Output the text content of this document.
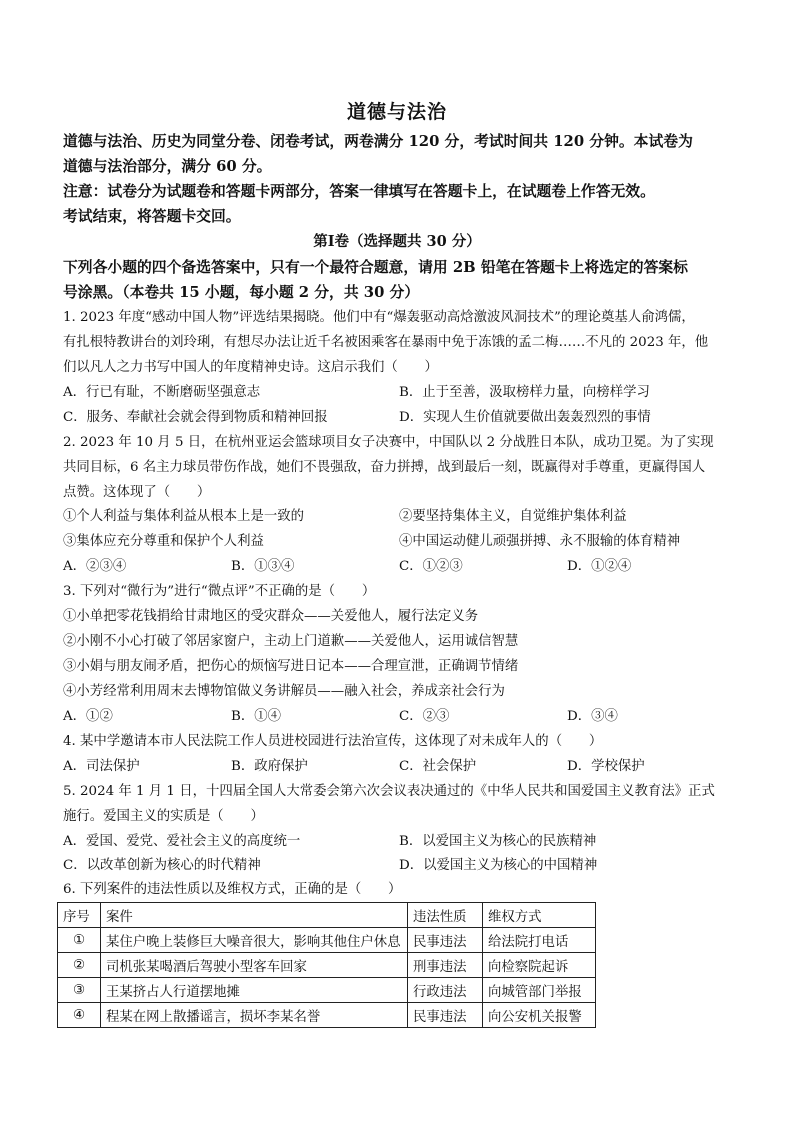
道德与法治
道德与法治、历史为同堂分卷、闭卷考试，两卷满分 120 分，考试时间共 120 分钟。本试卷为
道德与法治部分，满分 60 分。
注意：试卷分为试题卷和答题卡两部分，答案一律填写在答题卡上，在试题卷上作答无效。
考试结束，将答题卡交回。
第Ⅰ卷（选择题共 30 分）
下列各小题的四个备选答案中，只有一个最符合题意，请用 2B 铅笔在答题卡上将选定的答案标
号涂黑。（本卷共 15 小题，每小题 2 分，共 30 分）
1. 2023 年度“感动中国人物”评选结果揭晓。他们中有“爆轰驱动高焓激波风洞技术”的理论奠基人俞鸿儒，
有扎根特教讲台的刘玲琍，有想尽办法让近千名被困乘客在暴雨中免于冻饿的孟二梅……不凡的 2023 年，他
们以凡人之力书写中国人的年度精神史诗。这启示我们（　　）
A．行已有耻，不断磨砺坚强意志	B．止于至善，汲取榜样力量，向榜样学习
C．服务、奉献社会就会得到物质和精神回报	D．实现人生价值就要做出轰轰烈烈的事情
2. 2023 年 10 月 5 日，在杭州亚运会篮球项目女子决赛中，中国队以 2 分战胜日本队，成功卫冕。为了实现
共同目标，6 名主力球员带伤作战，她们不畏强敌，奋力拼搏，战到最后一刻，既赢得对手尊重，更赢得国人
点赞。这体现了（　　）
①个人利益与集体利益从根本上是一致的	②要坚持集体主义，自觉维护集体利益
③集体应充分尊重和保护个人利益	④中国运动健儿顽强拼搏、永不服输的体育精神
A．②③④	B．①③④	C．①②③	D．①②④
3. 下列对“微行为”进行“微点评”不正确的是（　　）
①小单把零花钱捐给甘肃地区的受灾群众——关爱他人，履行法定义务
②小刚不小心打破了邻居家窗户，主动上门道歉——关爱他人，运用诚信智慧
③小娟与朋友闹矛盾，把伤心的烦恼写进日记本——合理宣泄，正确调节情绪
④小芳经常利用周末去博物馆做义务讲解员——融入社会，养成亲社会行为
A．①②	B．①④	C．②③	D．③④
4. 某中学邀请本市人民法院工作人员进校园进行法治宣传，这体现了对未成年人的（　　）
A．司法保护	B．政府保护	C．社会保护	D．学校保护
5. 2024 年 1 月 1 日，十四届全国人大常委会第六次会议表决通过的《中华人民共和国爱国主义教育法》正式
施行。爱国主义的实质是（　　）
A．爱国、爱党、爱社会主义的高度统一	B．以爱国主义为核心的民族精神
C．以改革创新为核心的时代精神	D．以爱国主义为核心的中国精神
6. 下列案件的违法性质以及维权方式，正确的是（　　）
序号	案件	违法性质	维权方式
①	某住户晚上装修巨大噪音很大，影响其他住户休息	民事违法	给法院打电话
②	司机张某喝酒后驾驶小型客车回家	刑事违法	向检察院起诉
③	王某挤占人行道摆地摊	行政违法	向城管部门举报
④	程某在网上散播谣言，损坏李某名誉	民事违法	向公安机关报警
